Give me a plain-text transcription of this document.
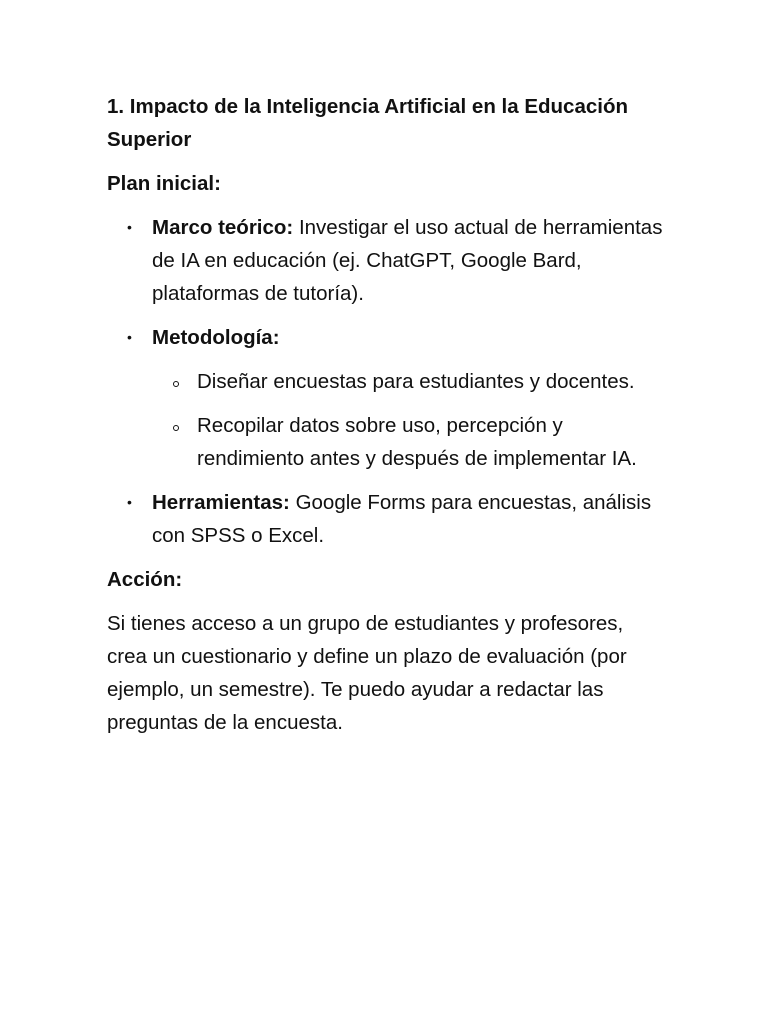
1. Impacto de la Inteligencia Artificial en la Educación Superior

Plan inicial:

• Marco teórico: Investigar el uso actual de herramientas de IA en educación (ej. ChatGPT, Google Bard, plataformas de tutoría).
• Metodología:
Diseñar encuestas para estudiantes y docentes.
Recopilar datos sobre uso, percepción y rendimiento antes y después de implementar IA.
• Herramientas: Google Forms para encuestas, análisis con SPSS o Excel.

Acción:

Si tienes acceso a un grupo de estudiantes y profesores, crea un cuestionario y define un plazo de evaluación (por ejemplo, un semestre). Te puedo ayudar a redactar las preguntas de la encuesta.
